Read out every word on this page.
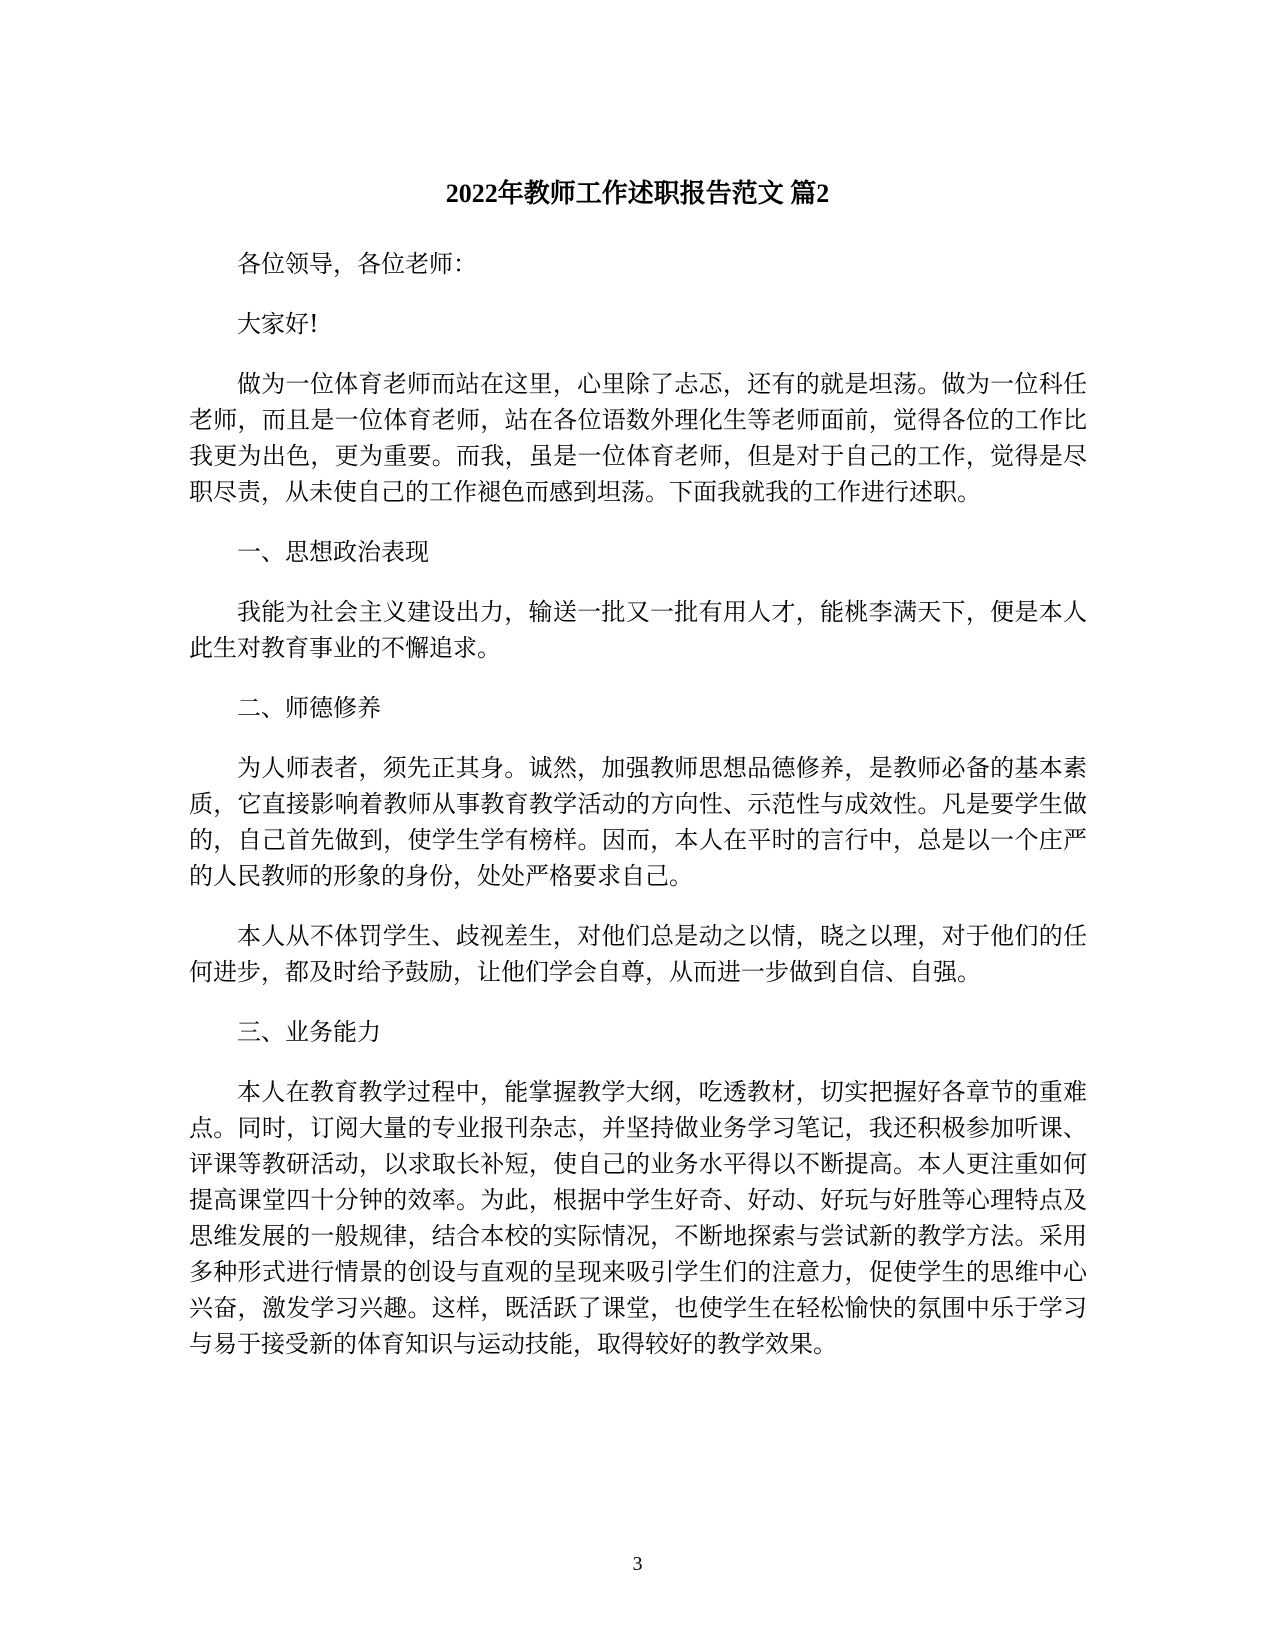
2022年教师工作述职报告范文 篇2

各位领导，各位老师：

大家好!

做为一位体育老师而站在这里，心里除了忐忑，还有的就是坦荡。做为一位科任老师，而且是一位体育老师，站在各位语数外理化生等老师面前，觉得各位的工作比我更为出色，更为重要。而我，虽是一位体育老师，但是对于自己的工作，觉得是尽职尽责，从未使自己的工作褪色而感到坦荡。下面我就我的工作进行述职。

一、思想政治表现

我能为社会主义建设出力，输送一批又一批有用人才，能桃李满天下，便是本人此生对教育事业的不懈追求。

二、师德修养

为人师表者，须先正其身。诚然，加强教师思想品德修养，是教师必备的基本素质，它直接影响着教师从事教育教学活动的方向性、示范性与成效性。凡是要学生做的，自己首先做到，使学生学有榜样。因而，本人在平时的言行中，总是以一个庄严的人民教师的形象的身份，处处严格要求自己。

本人从不体罚学生、歧视差生，对他们总是动之以情，晓之以理，对于他们的任何进步，都及时给予鼓励，让他们学会自尊，从而进一步做到自信、自强。

三、业务能力

本人在教育教学过程中，能掌握教学大纲，吃透教材，切实把握好各章节的重难点。同时，订阅大量的专业报刊杂志，并坚持做业务学习笔记，我还积极参加听课、评课等教研活动，以求取长补短，使自己的业务水平得以不断提高。本人更注重如何提高课堂四十分钟的效率。为此，根据中学生好奇、好动、好玩与好胜等心理特点及思维发展的一般规律，结合本校的实际情况，不断地探索与尝试新的教学方法。采用多种形式进行情景的创设与直观的呈现来吸引学生们的注意力，促使学生的思维中心兴奋，激发学习兴趣。这样，既活跃了课堂，也使学生在轻松愉快的氛围中乐于学习与易于接受新的体育知识与运动技能，取得较好的教学效果。

3
